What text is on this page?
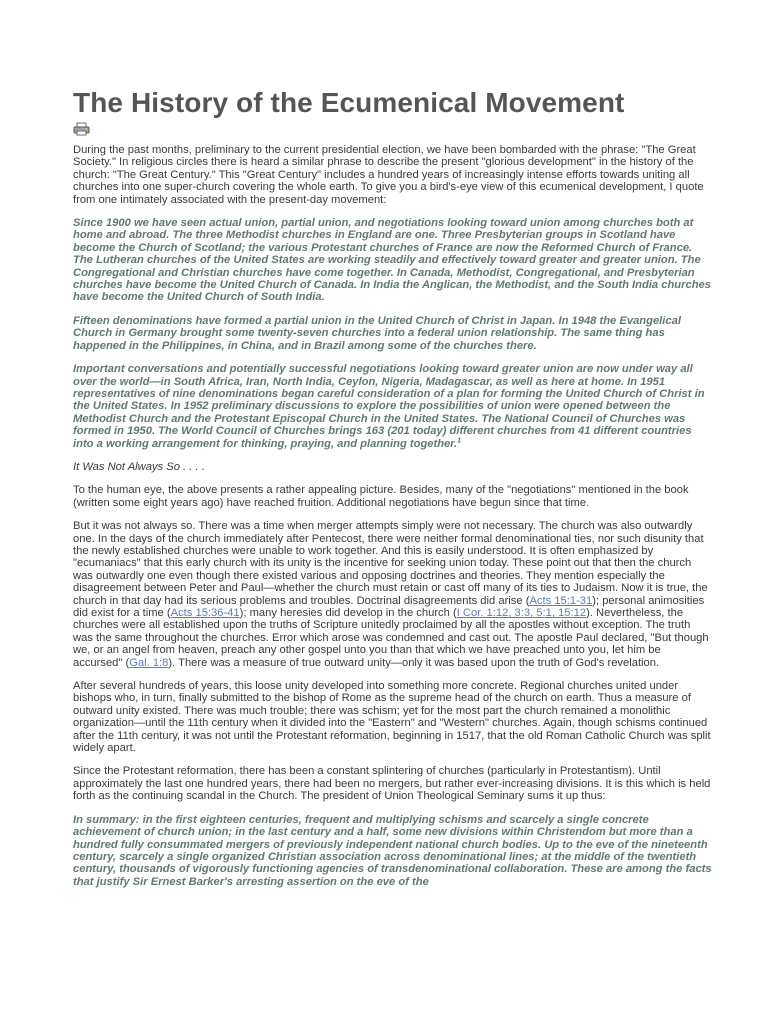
The History of the Ecumenical Movement

During the past months, preliminary to the current presidential election, we have been bombarded with the phrase: "The Great Society." In religious circles there is heard a similar phrase to describe the present "glorious development" in the history of the church: "The Great Century." This "Great Century" includes a hundred years of increasingly intense efforts towards uniting all churches into one super-church covering the whole earth. To give you a bird's-eye view of this ecumenical development, I quote from one intimately associated with the present-day movement:

Since 1900 we have seen actual union, partial union, and negotiations looking toward union among churches both at home and abroad. The three Methodist churches in England are one. Three Presbyterian groups in Scotland have become the Church of Scotland; the various Protestant churches of France are now the Reformed Church of France. The Lutheran churches of the United States are working steadily and effectively toward greater and greater union. The Congregational and Christian churches have come together. In Canada, Methodist, Congregational, and Presbyterian churches have become the United Church of Canada. In India the Anglican, the Methodist, and the South India churches have become the United Church of South India.

Fifteen denominations have formed a partial union in the United Church of Christ in Japan. In 1948 the Evangelical Church in Germany brought some twenty-seven churches into a federal union relationship. The same thing has happened in the Philippines, in China, and in Brazil among some of the churches there.

Important conversations and potentially successful negotiations looking toward greater union are now under way all over the world—in South Africa, Iran, North India, Ceylon, Nigeria, Madagascar, as well as here at home. In 1951 representatives of nine denominations began careful consideration of a plan for forming the United Church of Christ in the United States. In 1952 preliminary discussions to explore the possibilities of union were opened between the Methodist Church and the Protestant Episcopal Church in the United States. The National Council of Churches was formed in 1950. The World Council of Churches brings 163 (201 today) different churches from 41 different countries into a working arrangement for thinking, praying, and planning together.$^1$

It Was Not Always So . . . .

To the human eye, the above presents a rather appealing picture. Besides, many of the "negotiations" mentioned in the book (written some eight years ago) have reached fruition. Additional negotiations have begun since that time.

But it was not always so. There was a time when merger attempts simply were not necessary. The church was also outwardly one. In the days of the church immediately after Pentecost, there were neither formal denominational ties, nor such disunity that the newly established churches were unable to work together. And this is easily understood. It is often emphasized by "ecumaniacs" that this early church with its unity is the incentive for seeking union today. These point out that then the church was outwardly one even though there existed various and opposing doctrines and theories. They mention especially the disagreement between Peter and Paul—whether the church must retain or cast off many of its ties to Judaism. Now it is true, the church in that day had its serious problems and troubles. Doctrinal disagreements did arise (Acts 15:1-31); personal animosities did exist for a time (Acts 15:36-41); many heresies did develop in the church (I Cor. 1:12, 3:3, 5:1, 15:12). Nevertheless, the churches were all established upon the truths of Scripture unitedly proclaimed by all the apostles without exception. The truth was the same throughout the churches. Error which arose was condemned and cast out. The apostle Paul declared, "But though we, or an angel from heaven, preach any other gospel unto you than that which we have preached unto you, let him be accursed" (Gal. 1:8). There was a measure of true outward unity—only it was based upon the truth of God's revelation.

After several hundreds of years, this loose unity developed into something more concrete. Regional churches united under bishops who, in turn, finally submitted to the bishop of Rome as the supreme head of the church on earth. Thus a measure of outward unity existed. There was much trouble; there was schism; yet for the most part the church remained a monolithic organization—until the 11th century when it divided into the "Eastern" and "Western" churches. Again, though schisms continued after the 11th century, it was not until the Protestant reformation, beginning in 1517, that the old Roman Catholic Church was split widely apart.

Since the Protestant reformation, there has been a constant splintering of churches (particularly in Protestantism). Until approximately the last one hundred years, there had been no mergers, but rather ever-increasing divisions. It is this which is held forth as the continuing scandal in the Church. The president of Union Theological Seminary sums it up thus:

In summary: in the first eighteen centuries, frequent and multiplying schisms and scarcely a single concrete achievement of church union; in the last century and a half, some new divisions within Christendom but more than a hundred fully consummated mergers of previously independent national church bodies. Up to the eve of the nineteenth century, scarcely a single organized Christian association across denominational lines; at the middle of the twentieth century, thousands of vigorously functioning agencies of transdenominational collaboration. These are among the facts that justify Sir Ernest Barker's arresting assertion on the eve of the
